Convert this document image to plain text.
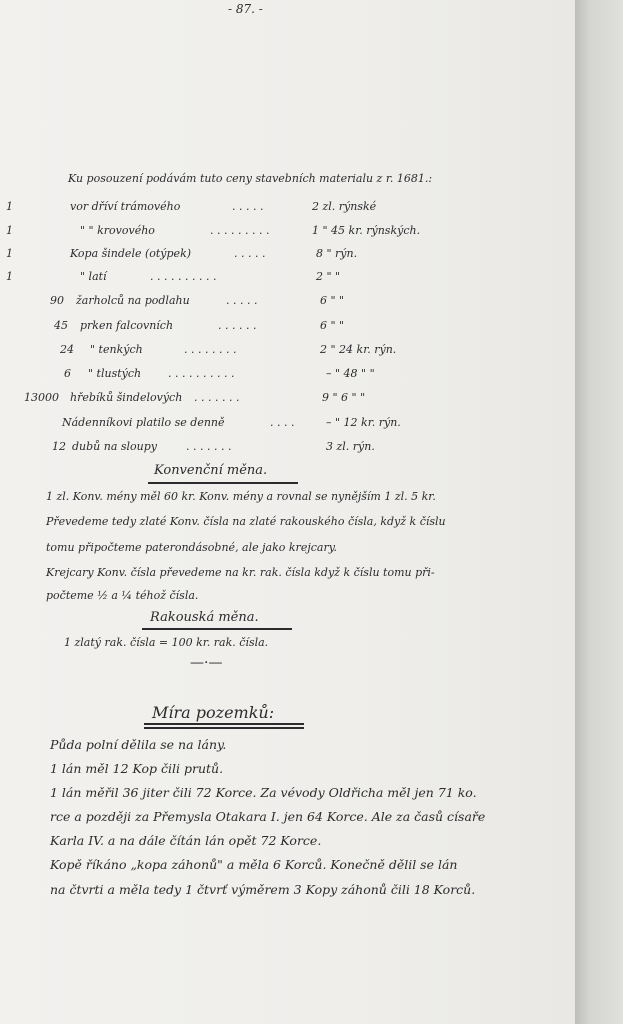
- 87. -
Ku posouzení podávám tuto ceny stavebních materialu z r. 1681.:
1	vor dříví trámového	. . . . .	2 zl. rýnské
1	" " krovového	. . . . . . . . .	1 " 45 kr. rýnských.
1	Kopa šindele (otýpek)	. . . . .	8 " rýn.
1	" latí	. . . . . . . . . .	2 " "
90 žarholců na podlahu	. . . . .	6 " "
45 prken falcovních	. . . . . .	6 " "
24 " tenkých	. . . . . . . .	2 " 24 kr. rýn.
6 " tlustých . . . . . . . . . .	– " 48 " "
13000 hřebíků šindelových . . . . . . .	9 " 6 " "
Nádenníkovi platilo se denně	. . . .	– " 12 kr. rýn.
12 dubů na sloupy	. . . . . . .	3 zl. rýn.
Konvenční měna.
1 zl. Konv. mény měl 60 kr. Konv. mény a rovnal se nynějším 1 zl. 5 kr.
Převedeme tedy zlaté Konv. čísla na zlaté rakouského čísla, když k číslu
tomu připočteme paterondásobné, ale jako krejcary.
Krejcary Konv. čísla převedeme na kr. rak. čísla když k číslu tomu při-
počteme ½ a ¼ téhož čísla.
Rakouská měna.
1 zlatý rak. čísla = 100 kr. rak. čísla.
—·—
Míra pozemků:
Půda polní dělila se na lány.
1 lán měl 12 Kop čili prutů.
1 lán měřil 36 jiter čili 72 Korce. Za vévody Oldřicha měl jen 71 ko.
rce a později za Přemysla Otakara I. jen 64 Korce. Ale za časů císaře
Karla IV. a na dále čítán lán opět 72 Korce.
Kopě říkáno „kopa záhonů" a měla 6 Korců. Konečně dělil se lán
na čtvrti a měla tedy 1 čtvrť výměrem 3 Kopy záhonů čili 18 Korců.
